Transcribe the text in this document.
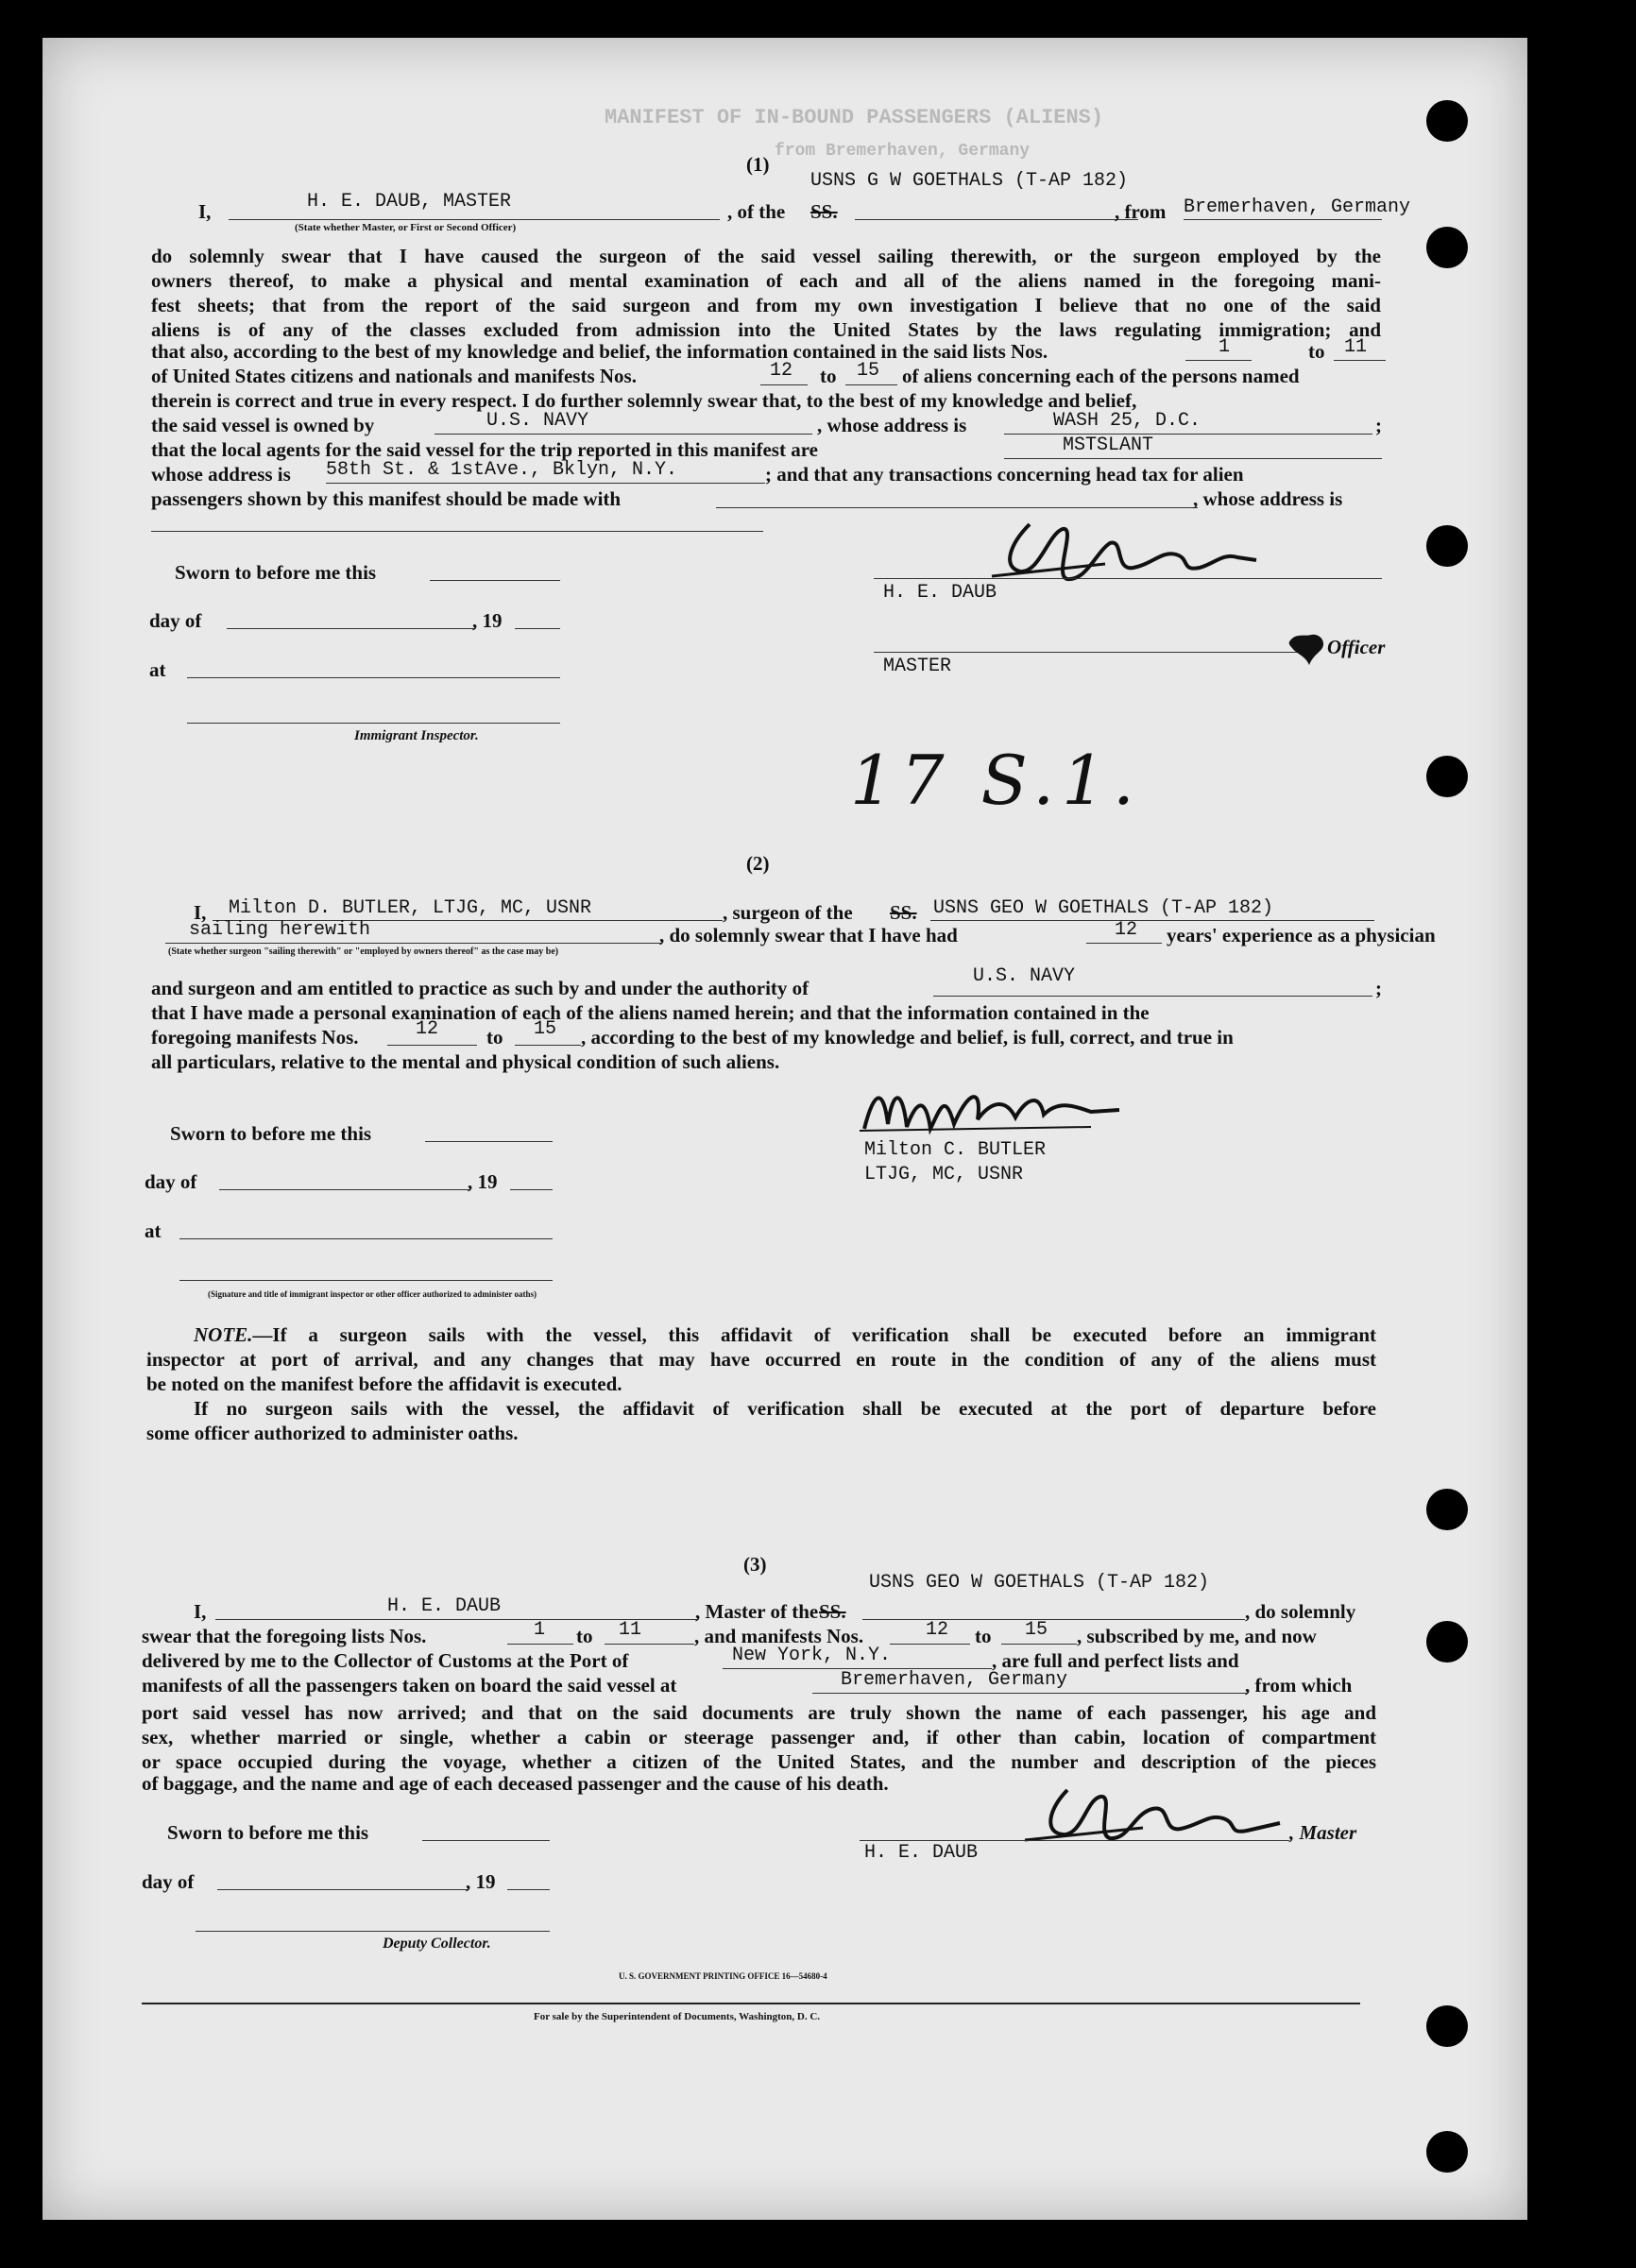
MANIFEST OF IN-BOUND PASSENGERS (ALIENS)
from Bremerhaven, Germany
(1)
USNS G W GOETHALS (T-AP 182)
I,	H. E. DAUB, MASTER
(State whether Master, or First or Second Officer)
, of the SS.	, from Bremerhaven, Germany
do solemnly swear that I have caused the surgeon of the said vessel sailing therewith, or the surgeon employed by the
owners thereof, to make a physical and mental examination of each and all of the aliens named in the foregoing mani-
fest sheets; that from the report of the said surgeon and from my own investigation I believe that no one of the said
aliens is of any of the classes excluded from admission into the United States by the laws regulating immigration; and
that also, according to the best of my knowledge and belief, the information contained in the said lists Nos.	1	to 11
of United States citizens and nationals and manifests Nos.	12 to 15 of aliens concerning each of the persons named
therein is correct and true in every respect. I do further solemnly swear that, to the best of my knowledge and belief,
the said vessel is owned by	U.S. NAVY	, whose address is	WASH 25, D.C.	;
that the local agents for the said vessel for the trip reported in this manifest are	MSTSLANT
whose address is 58th St. & 1stAve., Bklyn, N.Y.	; and that any transactions concerning head tax for alien
passengers shown by this manifest should be made with	, whose address is
Sworn to before me this
day of	, 19
at
Immigrant Inspector.
H. E. DAUB
Officer
MASTER
17 S.1.
(2)
I, Milton D. BUTLER, LTJG, MC, USNR	, surgeon of the SS. USNS GEO W GOETHALS (T-AP 182)
sailing herewith	, do solemnly swear that I have had	12 years' experience as a physician
(State whether surgeon "sailing therewith" or "employed by owners thereof" as the case may be)
and surgeon and am entitled to practice as such by and under the authority of
U.S. NAVY
;
that I have made a personal examination of each of the aliens named herein; and that the information contained in the
foregoing manifests Nos.	12 to 15 , according to the best of my knowledge and belief, is full, correct, and true in
all particulars, relative to the mental and physical condition of such aliens.
Sworn to before me this
day of	, 19
at
(Signature and title of immigrant inspector or other officer authorized to administer oaths)
Milton C. BUTLER
LTJG, MC, USNR
NOTE.—If a surgeon sails with the vessel, this affidavit of verification shall be executed before an immigrant
inspector at port of arrival, and any changes that may have occurred en route in the condition of any of the aliens must
be noted on the manifest before the affidavit is executed.
If no surgeon sails with the vessel, the affidavit of verification shall be executed at the port of departure before
some officer authorized to administer oaths.
(3)
USNS GEO W GOETHALS (T-AP 182)
I,	H. E. DAUB	, Master of the SS.	, do solemnly
swear that the foregoing lists Nos.	1 to 11	, and manifests Nos.	12 to 15 , subscribed by me, and now
delivered by me to the Collector of Customs at the Port of	New York, N.Y.	, are full and perfect lists and
manifests of all the passengers taken on board the said vessel at	Bremerhaven, Germany	, from which
port said vessel has now arrived; and that on the said documents are truly shown the name of each passenger, his age and
sex, whether married or single, whether a cabin or steerage passenger and, if other than cabin, location of compartment
or space occupied during the voyage, whether a citizen of the United States, and the number and description of the pieces
of baggage, and the name and age of each deceased passenger and the cause of his death.
Sworn to before me this	, Master
H. E. DAUB
day of	, 19
Deputy Collector.
U. S. GOVERNMENT PRINTING OFFICE 16—54680-4
For sale by the Superintendent of Documents, Washington, D. C.
